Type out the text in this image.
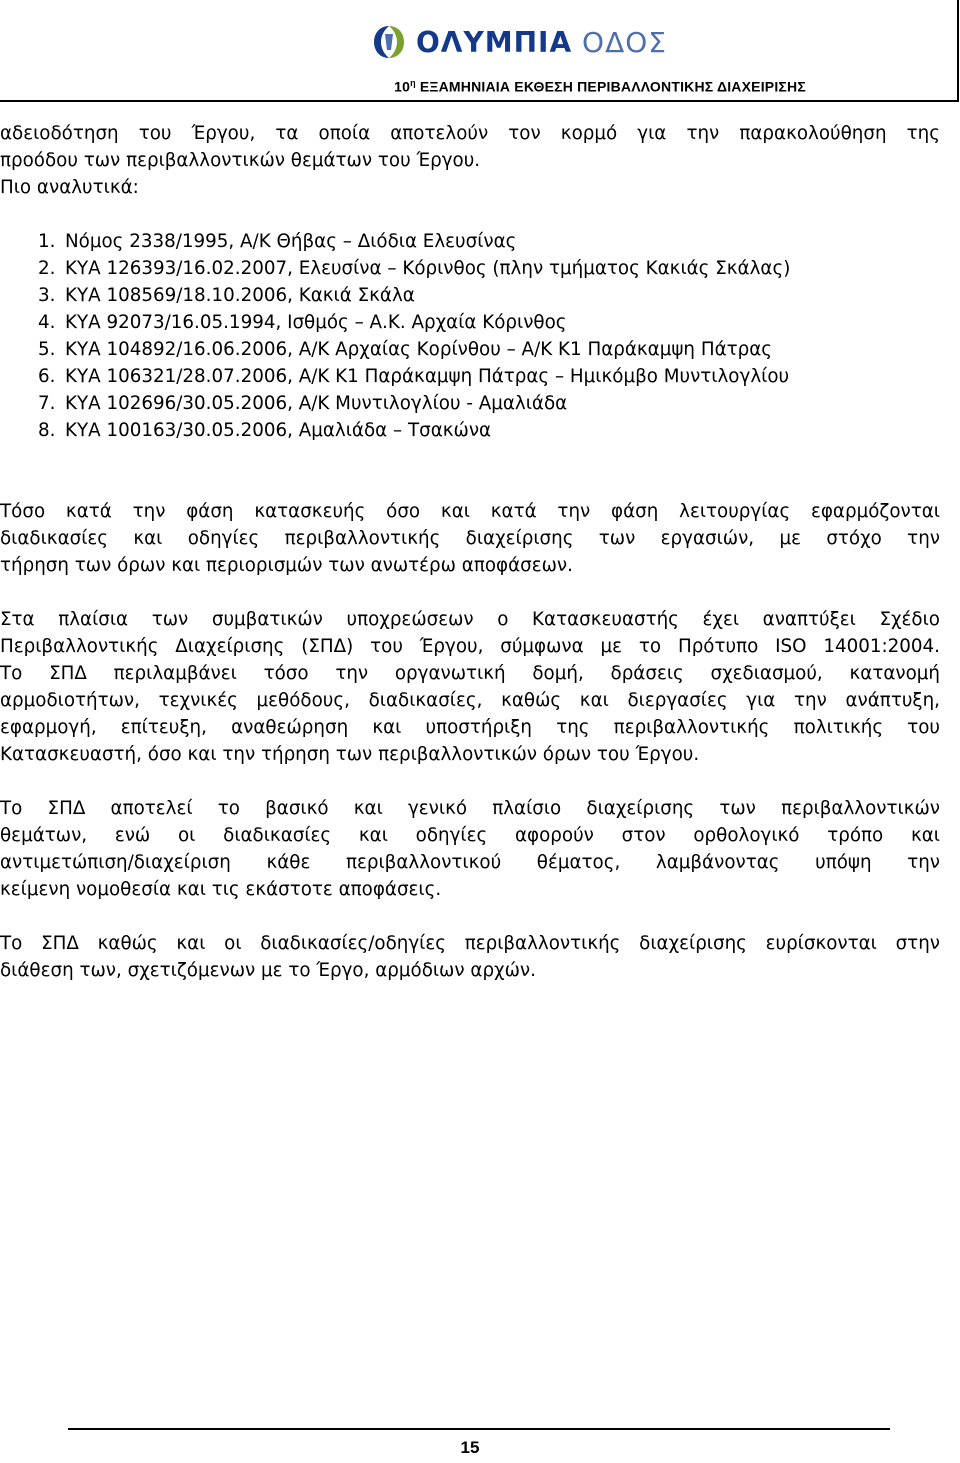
ΟΛΥΜΠΙΑ ΟΔΟΣ
$10^\eta$ ΕΞΑΜΗΝΙΑΙΑ ΕΚΘΕΣΗ ΠΕΡΙΒΑΛΛΟΝΤΙΚΗΣ ΔΙΑΧΕΙΡΙΣΗΣ

αδειοδότηση του Έργου, τα οποία αποτελούν τον κορμό για την παρακολούθηση της

προόδου των περιβαλλοντικών θεμάτων του Έργου.

Πιο αναλυτικά:

1. Νόμος 2338/1995, Α/Κ Θήβας – Διόδια Ελευσίνας
2. ΚΥΑ 126393/16.02.2007, Ελευσίνα – Κόρινθος (πλην τμήματος Κακιάς Σκάλας)
3. ΚΥΑ 108569/18.10.2006, Κακιά Σκάλα
4. ΚΥΑ 92073/16.05.1994, Ισθμός – Α.Κ. Αρχαία Κόρινθος
5. ΚΥΑ 104892/16.06.2006, Α/Κ Αρχαίας Κορίνθου – Α/Κ Κ1 Παράκαμψη Πάτρας
6. ΚΥΑ 106321/28.07.2006, Α/Κ Κ1 Παράκαμψη Πάτρας – Ημικόμβο Μυντιλογλίου
7. ΚΥΑ 102696/30.05.2006, Α/Κ Μυντιλογλίου - Αμαλιάδα
8. ΚΥΑ 100163/30.05.2006, Αμαλιάδα – Τσακώνα

Τόσο κατά την φάση κατασκευής όσο και κατά την φάση λειτουργίας εφαρμόζονται

διαδικασίες και οδηγίες περιβαλλοντικής διαχείρισης των εργασιών, με στόχο την

τήρηση των όρων και περιορισμών των ανωτέρω αποφάσεων.

Στα πλαίσια των συμβατικών υποχρεώσεων ο Κατασκευαστής έχει αναπτύξει Σχέδιο

Περιβαλλοντικής Διαχείρισης (ΣΠΔ) του Έργου, σύμφωνα με το Πρότυπο ISO 14001:2004.

Το ΣΠΔ περιλαμβάνει τόσο την οργανωτική δομή, δράσεις σχεδιασμού, κατανομή

αρμοδιοτήτων, τεχνικές μεθόδους, διαδικασίες, καθώς και διεργασίες για την ανάπτυξη,

εφαρμογή, επίτευξη, αναθεώρηση και υποστήριξη της περιβαλλοντικής πολιτικής του

Κατασκευαστή, όσο και την τήρηση των περιβαλλοντικών όρων του Έργου.

Το ΣΠΔ αποτελεί το βασικό και γενικό πλαίσιο διαχείρισης των περιβαλλοντικών

θεμάτων, ενώ οι διαδικασίες και οδηγίες αφορούν στον ορθολογικό τρόπο και

αντιμετώπιση/διαχείριση κάθε περιβαλλοντικού θέματος, λαμβάνοντας υπόψη την

κείμενη νομοθεσία και τις εκάστοτε αποφάσεις.

Το ΣΠΔ καθώς και οι διαδικασίες/οδηγίες περιβαλλοντικής διαχείρισης ευρίσκονται στην

διάθεση των, σχετιζόμενων με το Έργο, αρμόδιων αρχών.

15
